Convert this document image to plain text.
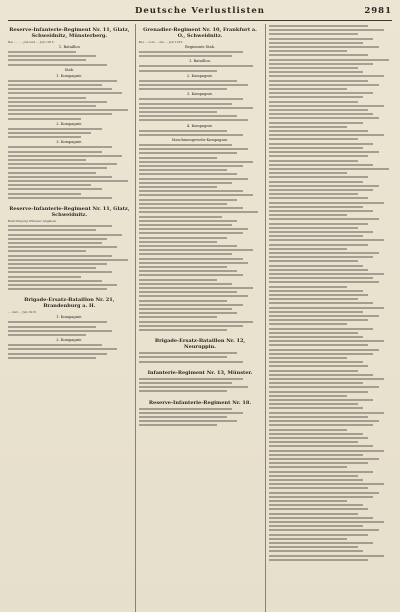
Deutsche Verlustlisten	2981
Reserve-Infanterie-Regiment Nr. 11, Glatz, Schweidnitz, Münsterberg.
Bei ... , ... Juli und ... Juli 1915.
1. Bataillon
Stab.
1. Kompagnie.
2. Kompagnie.
3. Kompagnie.
Reserve-Infanterie-Regiment Nr. 11, Glatz, Schweidnitz.
Berichtigung früherer Angaben.
Brigade-Ersatz-Bataillon Nr. 21, Brandenburg a. H.
... und ... Juli 1915.
1. Kompagnie.
2. Kompagnie.
Grenadier-Regiment Nr. 10, Frankfurt a. O., Schweidnitz.
Bei ... vom ... bis ... Juli 1915.
Regiments-Stab.
1. Bataillon.
2. Kompagnie.
3. Kompagnie.
4. Kompagnie.
Maschinengewehr-Kompagnie.
Brigade-Ersatz-Bataillon Nr. 12, Neuruppin.
Infanterie-Regiment Nr. 13, Münster.
Reserve-Infanterie-Regiment Nr. 18.
